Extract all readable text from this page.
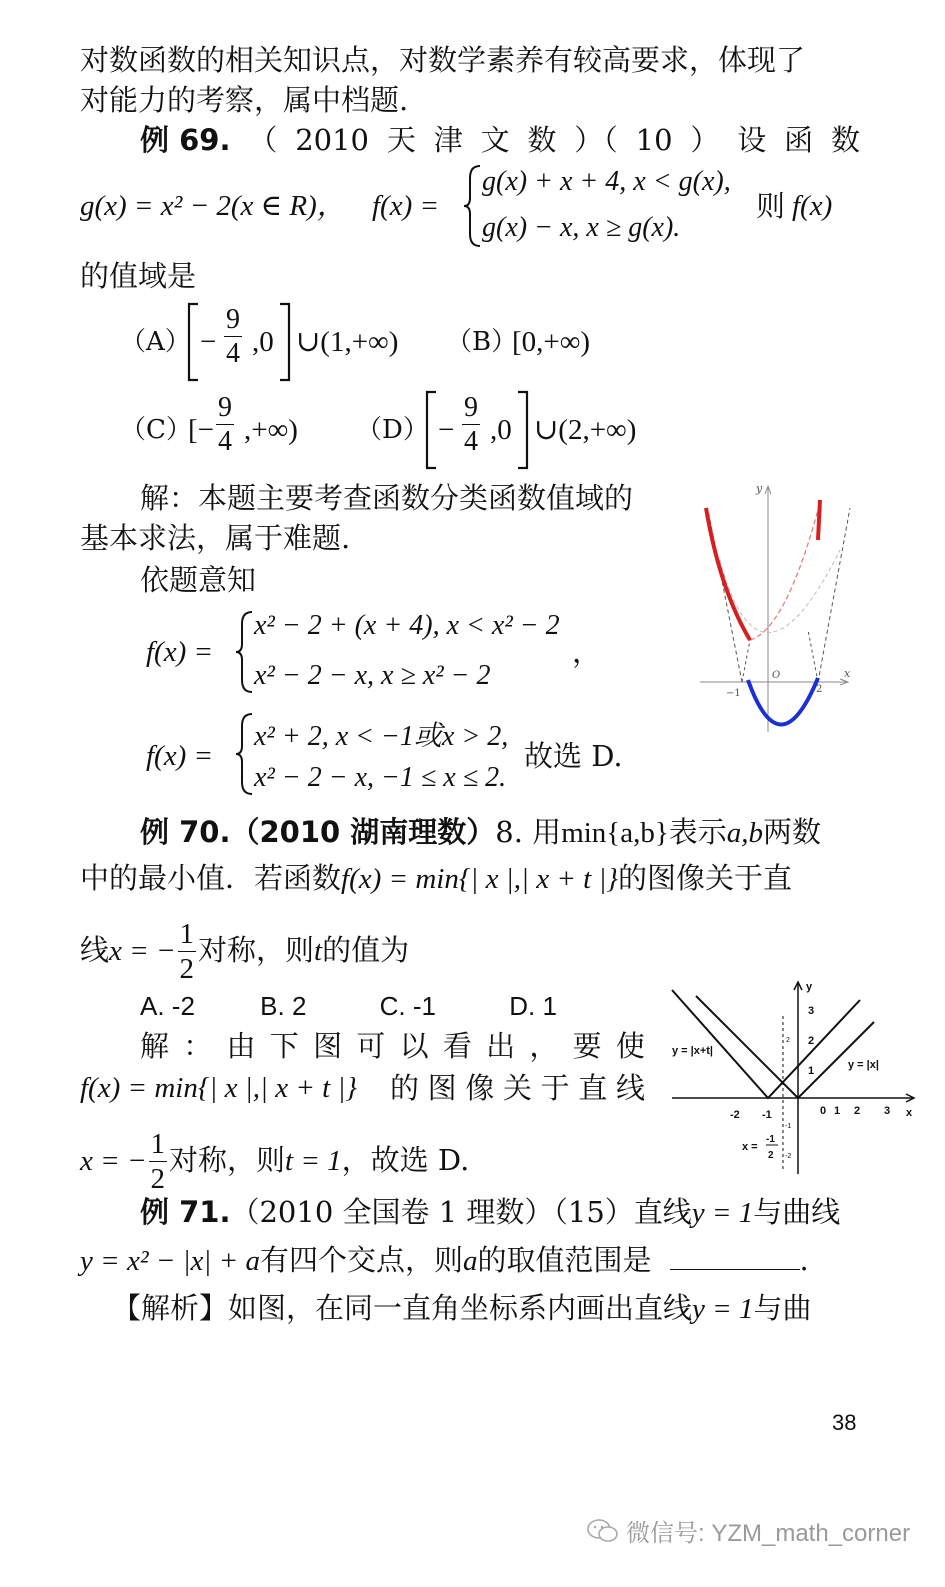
对数函数的相关知识点，对数学素养有较高要求，体现了
对能力的考察，属中档题.
例 69. （ 2010 天 津 文 数 ）（ 10 ） 设 函 数
g(x) = x² − 2(x ∈ R)， f(x) =
g(x) + x + 4, x < g(x),
g(x) − x, x ≥ g(x).
则 f(x)
的值域是
$(A) - \frac{9}{4} ,0$ ∪(1,+∞) （B）
[0,+∞)
（C）
[− $\frac{9}{4}$ ,+∞) $(D) - \frac{9}{4} ,0$ ∪(2,+∞)
解：本题主要考查函数分类函数值域的
基本求法，属于难题.
依题意知
f(x) =
x² − 2 + (x + 4), x < x² − 2
x² − 2 − x, x ≥ x² − 2
，
f(x) =
x² + 2, x < −1或x > 2,
x² − 2 − x, −1 ≤ x ≤ 2.
故选 D.
y
x
O
−1	2
例 70.（2010 湖南理数）8. 用min{a,b}表示a,b两数
中的最小值．若函数f(x) = min{| x |,| x + t |}的图像关于直
线x = − $\frac{1}{2}$ 对称，则t的值为
A. -2	B. 2	C. -1	D. 1
解 ： 由 下 图 可 以 看 出 ， 要 使
f(x) = min{| x |,| x + t |} 的 图 像 关 于 直 线
x = − $\frac{1}{2}$ 对称，则t = 1，故选 D.
y
x
-2 -1	0 1 2 3
3
2
1
2
-1
-2
y = |x+t|
y = |x|
x =
-1
2
例 71.（2010 全国卷 1 理数）（15）直线y = 1与曲线
y = x² − |x| + a有四个交点，则a的取值范围是	.
【解析】如图，在同一直角坐标系内画出直线y = 1与曲
38
微信号: YZM_math_corner
